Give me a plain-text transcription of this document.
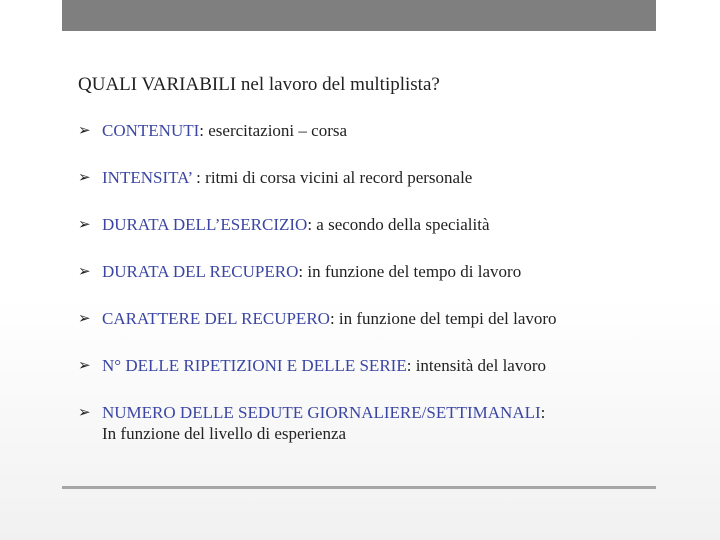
QUALI VARIABILI nel lavoro del multiplista?
➢ CONTENUTI: esercitazioni – corsa
➢ INTENSITA’ : ritmi di corsa vicini al record personale
➢ DURATA DELL’ESERCIZIO: a secondo della specialità
➢ DURATA DEL RECUPERO: in funzione del tempo di lavoro
➢ CARATTERE DEL RECUPERO: in funzione del tempi del lavoro
➢ N° DELLE RIPETIZIONI E DELLE SERIE: intensità del lavoro
➢ NUMERO DELLE SEDUTE GIORNALIERE/SETTIMANALI:
In funzione del livello di esperienza
